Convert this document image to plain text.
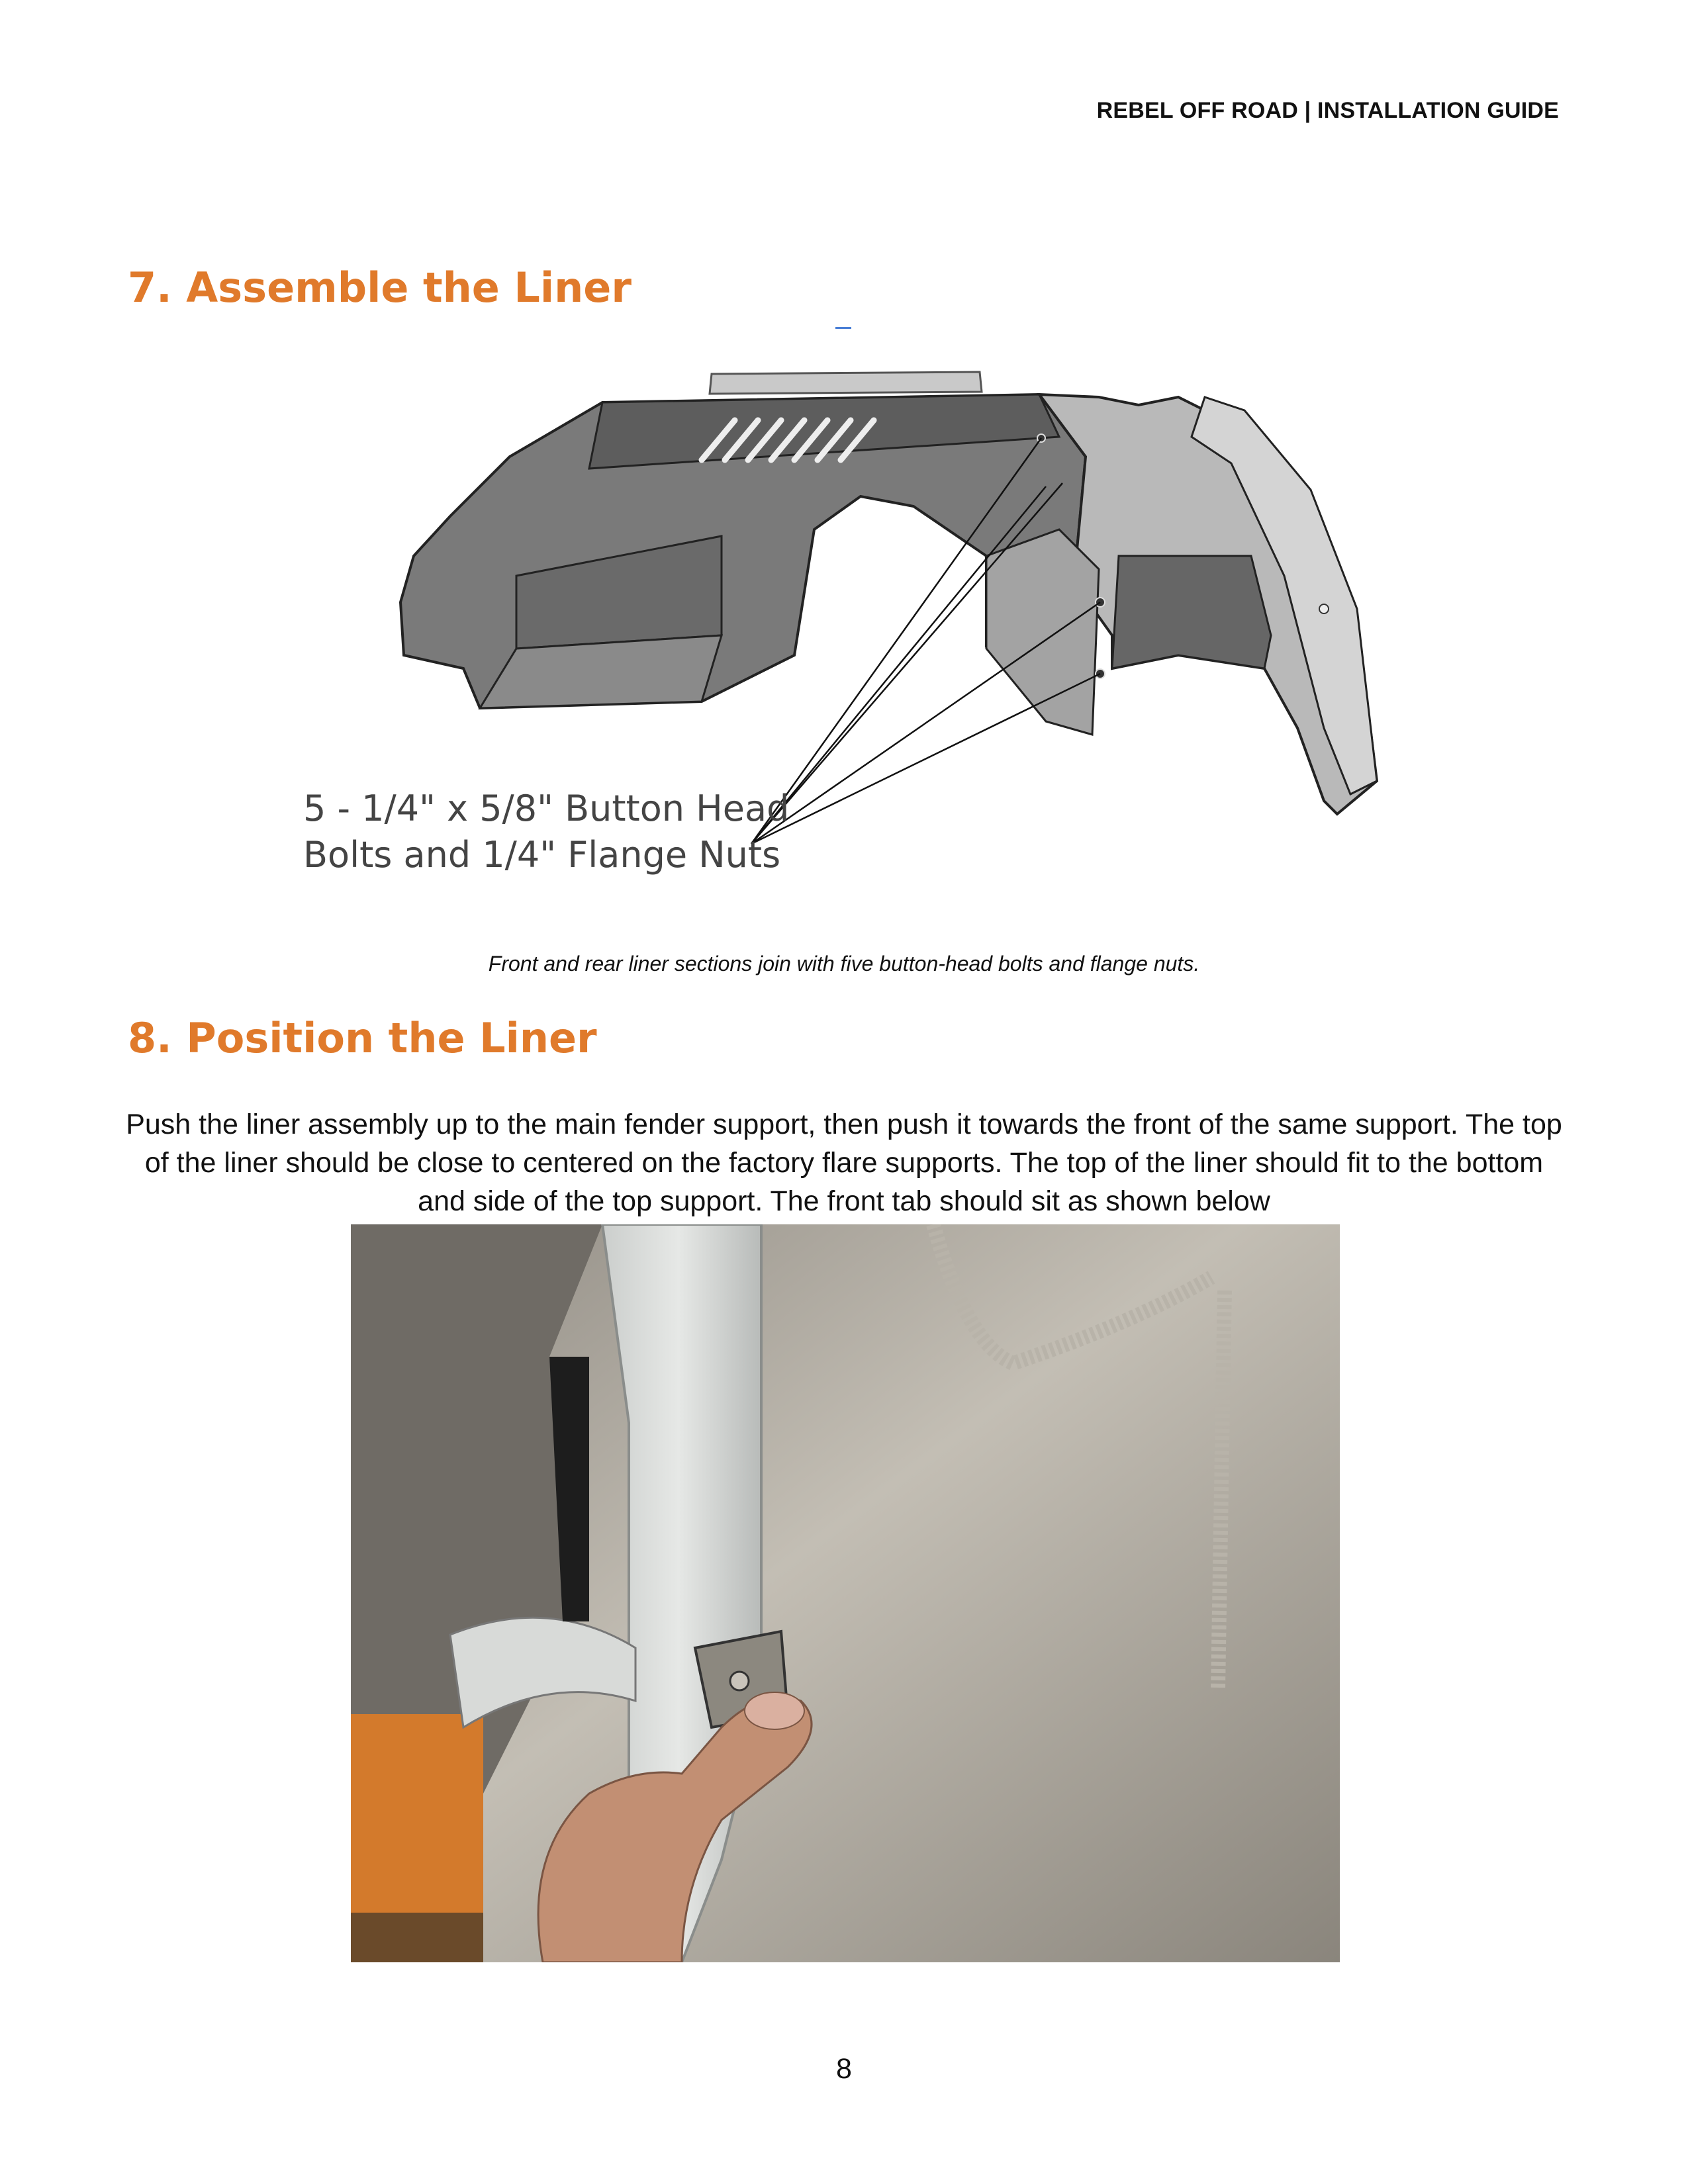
REBEL OFF ROAD | INSTALLATION GUIDE
7. Assemble the Liner
5 - 1/4" x 5/8" Button Head
Bolts and 1/4" Flange Nuts
Front and rear liner sections join with five button-head bolts and flange nuts.
8. Position the Liner

Push the liner assembly up to the main fender support, then push it towards the front of the same support. The top of the liner should be close to centered on the factory flare supports. The top of the liner should fit to the bottom and side of the top support. The front tab should sit as shown below

8
